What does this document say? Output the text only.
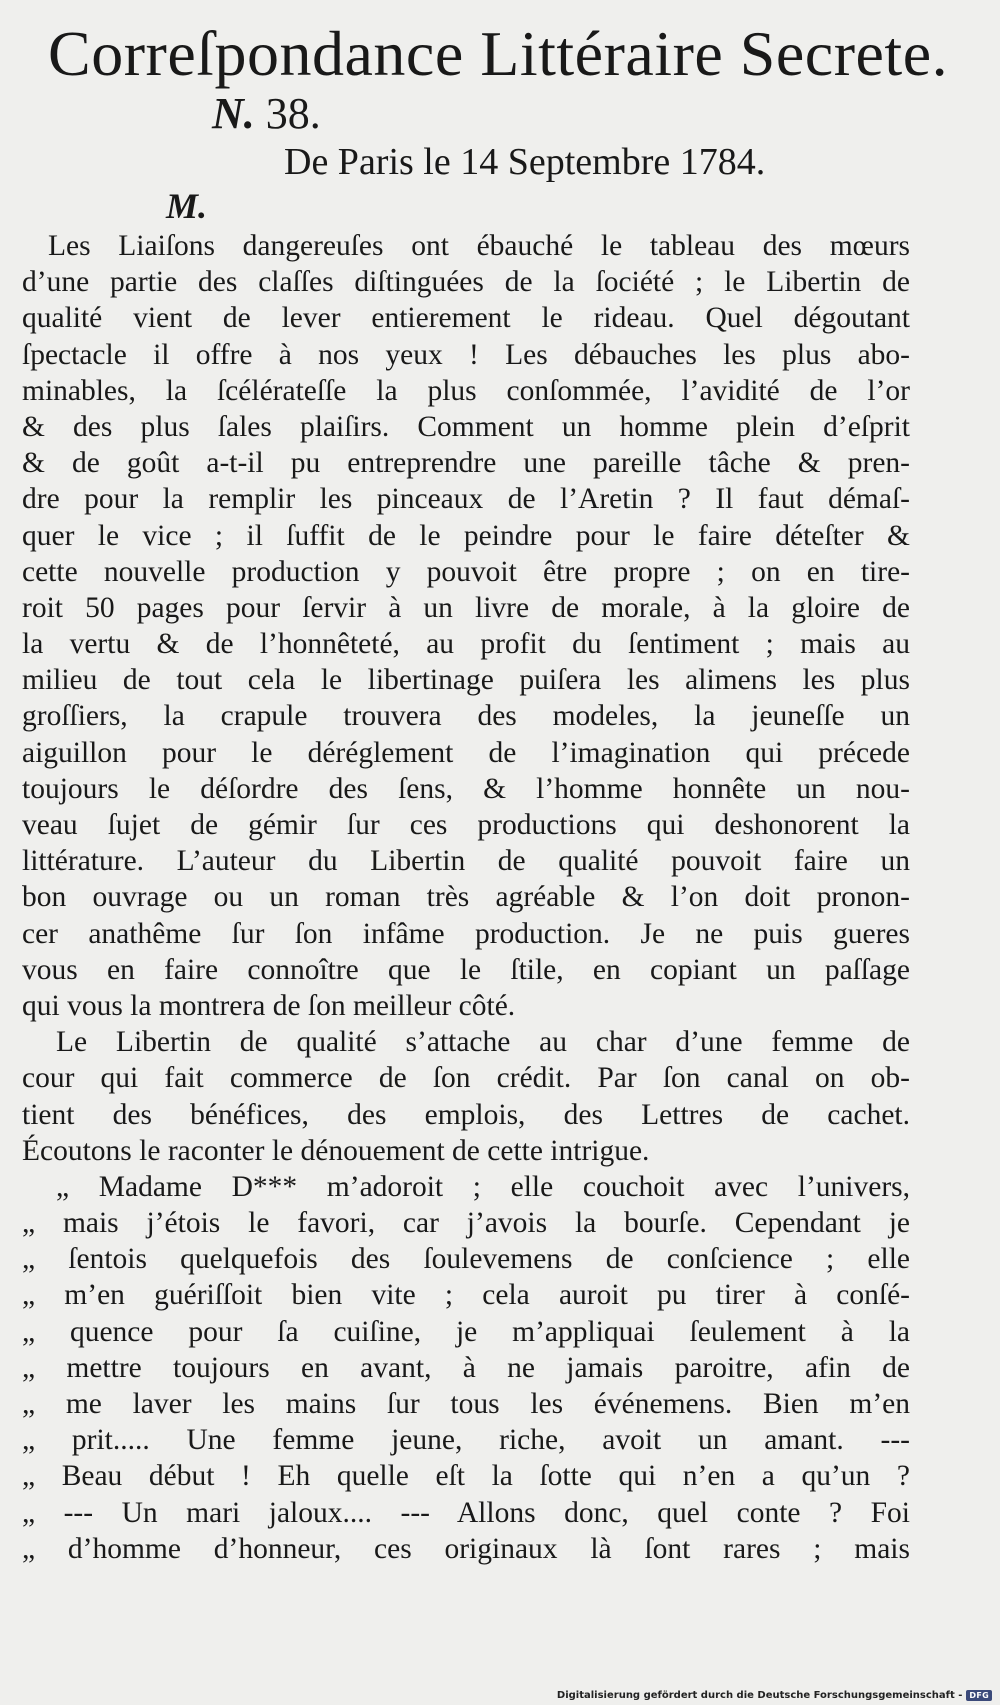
Correſpondance Littéraire Secrete.
N. 38.
De Paris le 14 Septembre 1784.
M.
Les Liaiſons dangereuſes ont ébauché le tableau des mœurs
d’une partie des claſſes diſtinguées de la ſociété ; le Libertin de
qualité vient de lever entierement le rideau. Quel dégoutant
ſpectacle il offre à nos yeux ! Les débauches les plus abo-
minables, la ſcélérateſſe la plus conſommée, l’avidité de l’or
& des plus ſales plaiſirs. Comment un homme plein d’eſprit
& de goût a-t-il pu entreprendre une pareille tâche & pren-
dre pour la remplir les pinceaux de l’Aretin ? Il faut démaſ-
quer le vice ; il ſuffit de le peindre pour le faire déteſter &
cette nouvelle production y pouvoit être propre ; on en tire-
roit 50 pages pour ſervir à un livre de morale, à la gloire de
la vertu & de l’honnêteté, au profit du ſentiment ; mais au
milieu de tout cela le libertinage puiſera les alimens les plus
groſſiers, la crapule trouvera des modeles, la jeuneſſe un
aiguillon pour le déréglement de l’imagination qui précede
toujours le déſordre des ſens, & l’homme honnête un nou-
veau ſujet de gémir ſur ces productions qui deshonorent la
littérature. L’auteur du Libertin de qualité pouvoit faire un
bon ouvrage ou un roman très agréable & l’on doit pronon-
cer anathême ſur ſon infâme production. Je ne puis gueres
vous en faire connoître que le ſtile, en copiant un paſſage
qui vous la montrera de ſon meilleur côté.
Le Libertin de qualité s’attache au char d’une femme de
cour qui fait commerce de ſon crédit. Par ſon canal on ob-
tient des bénéfices, des emplois, des Lettres de cachet.
Écoutons le raconter le dénouement de cette intrigue.
„ Madame D*** m’adoroit ; elle couchoit avec l’univers,
„ mais j’étois le favori, car j’avois la bourſe. Cependant je
„ ſentois quelquefois des ſoulevemens de conſcience ; elle
„ m’en guériſſoit bien vite ; cela auroit pu tirer à conſé-
„ quence pour ſa cuiſine, je m’appliquai ſeulement à la
„ mettre toujours en avant, à ne jamais paroitre, afin de
„ me laver les mains ſur tous les événemens. Bien m’en
„ prit..... Une femme jeune, riche, avoit un amant. ---
„ Beau début ! Eh quelle eſt la ſotte qui n’en a qu’un ?
„ --- Un mari jaloux.... --- Allons donc, quel conte ? Foi
„ d’homme d’honneur, ces originaux là ſont rares ; mais
Digitalisierung gefördert durch die Deutsche Forschungsgemeinschaft - DFG
